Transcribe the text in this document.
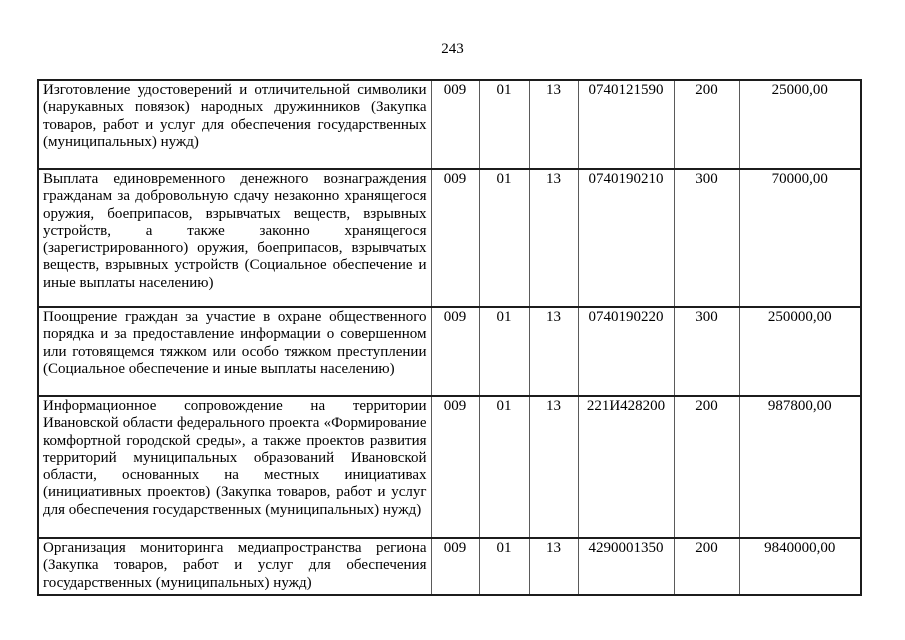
243
Изготовление удостоверений и отличительной символики (нарукавных повязок) народных дружинников (Закупка товаров, работ и услуг для обеспечения государственных (муниципальных) нужд)	009	01	13	0740121590	200	25000,00
Выплата единовременного денежного вознаграждения гражданам за добровольную сдачу незаконно хранящегося оружия, боеприпасов, взрывчатых веществ, взрывных устройств, а также законно хранящегося (зарегистрированного) оружия, боеприпасов, взрывчатых веществ, взрывных устройств (Социальное обеспечение и иные выплаты населению)	009	01	13	0740190210	300	70000,00
Поощрение граждан за участие в охране общественного порядка и за предоставление информации о совершенном или готовящемся тяжком или особо тяжком преступлении (Социальное обеспечение и иные выплаты населению)	009	01	13	0740190220	300	250000,00
Информационное сопровождение на территории Ивановской области федерального проекта «Формирование комфортной городской среды», а также проектов развития территорий муниципальных образований Ивановской области, основанных на местных инициативах (инициативных проектов) (Закупка товаров, работ и услуг для обеспечения государственных (муниципальных) нужд)	009	01	13	221И428200	200	987800,00
Организация мониторинга медиапространства региона (Закупка товаров, работ и услуг для обеспечения государственных (муниципальных) нужд)	009	01	13	4290001350	200	9840000,00
